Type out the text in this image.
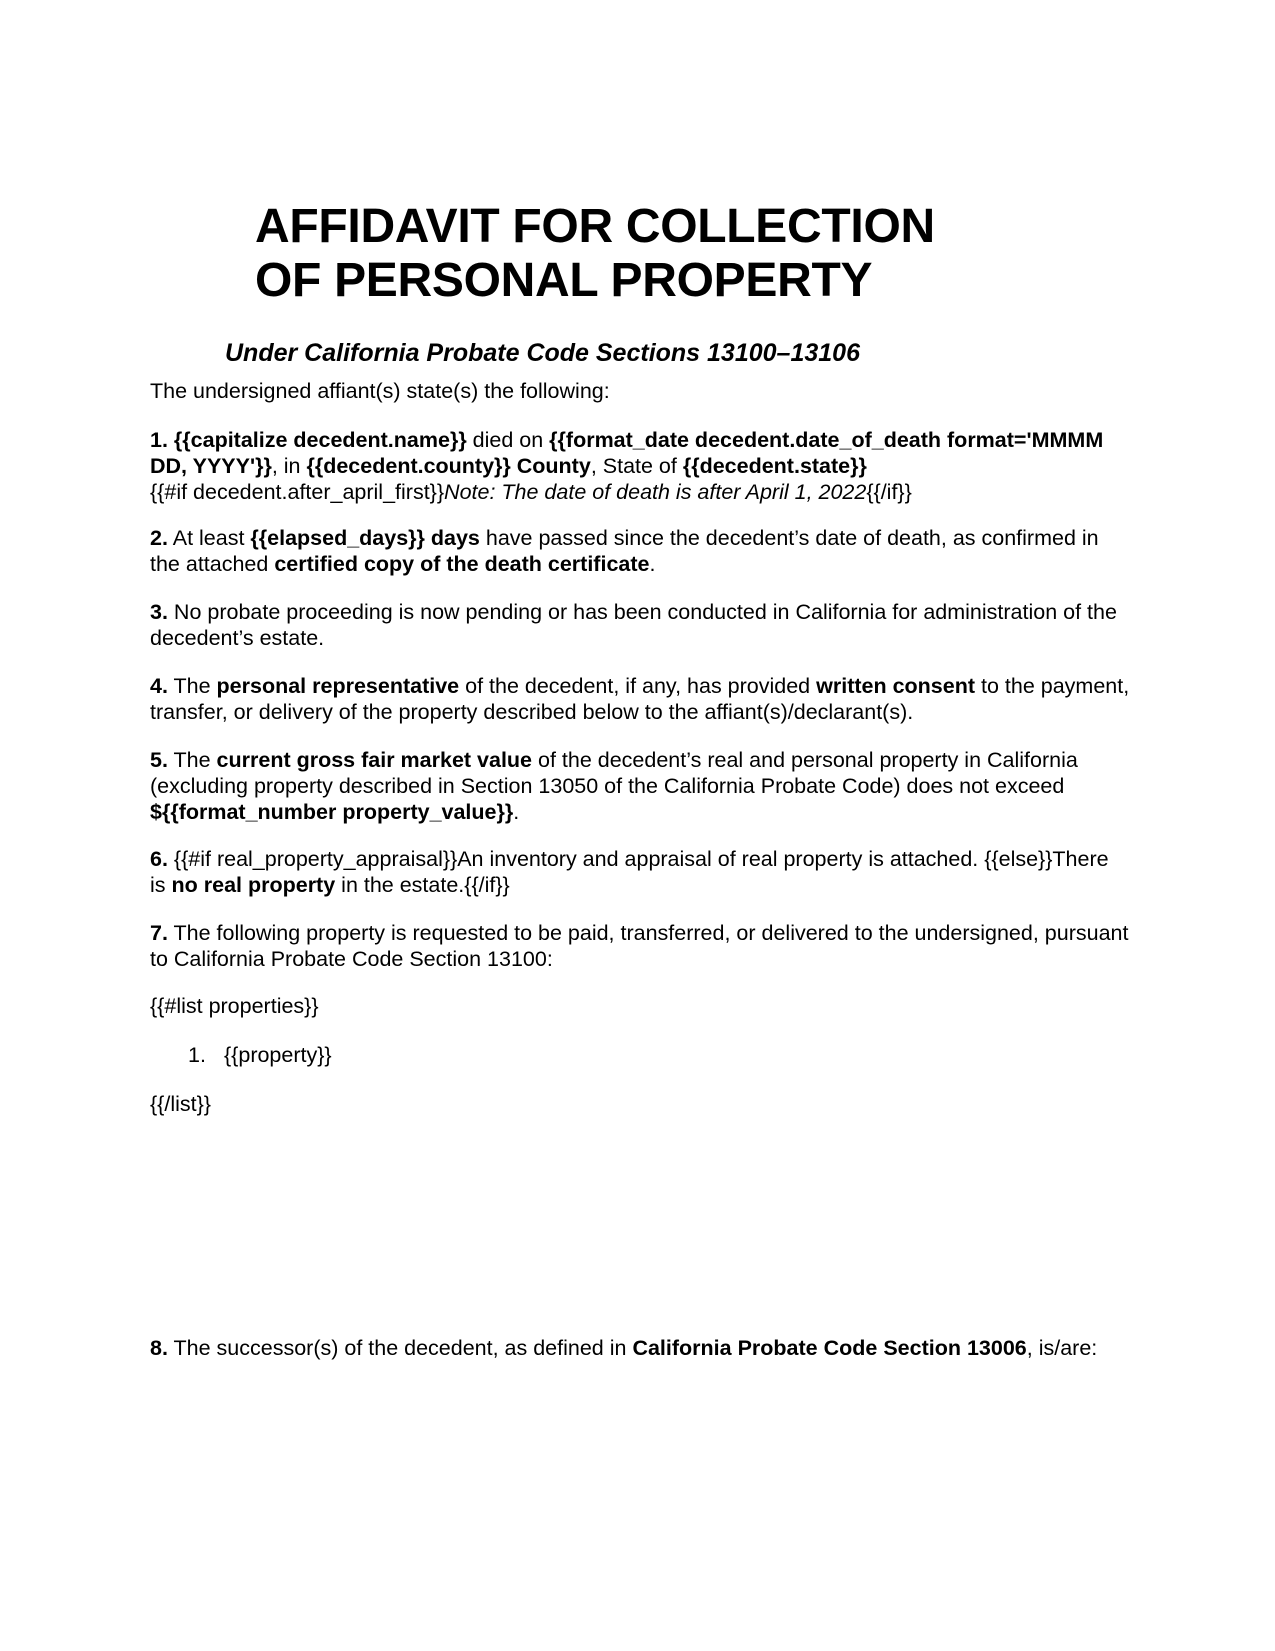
AFFIDAVIT FOR COLLECTION
OF PERSONAL PROPERTY

Under California Probate Code Sections 13100–13106

The undersigned affiant(s) state(s) the following:

1. {{capitalize decedent.name}} died on {{format_date decedent.date_of_death format='MMMM DD, YYYY'}}, in {{decedent.county}} County, State of {{decedent.state}}
{{#if decedent.after_april_first}}Note: The date of death is after April 1, 2022{{/if}}

2. At least {{elapsed_days}} days have passed since the decedent’s date of death, as confirmed in the attached certified copy of the death certificate.

3. No probate proceeding is now pending or has been conducted in California for administration of the decedent’s estate.

4. The personal representative of the decedent, if any, has provided written consent to the payment, transfer, or delivery of the property described below to the affiant(s)/declarant(s).

5. The current gross fair market value of the decedent’s real and personal property in California (excluding property described in Section 13050 of the California Probate Code) does not exceed ${{format_number property_value}}.

6. {{#if real_property_appraisal}}An inventory and appraisal of real property is attached. {{else}}There is no real property in the estate.{{/if}}

7. The following property is requested to be paid, transferred, or delivered to the undersigned, pursuant to California Probate Code Section 13100:

{{#list properties}}

1. {{property}}

{{/list}}

8. The successor(s) of the decedent, as defined in California Probate Code Section 13006, is/are:
